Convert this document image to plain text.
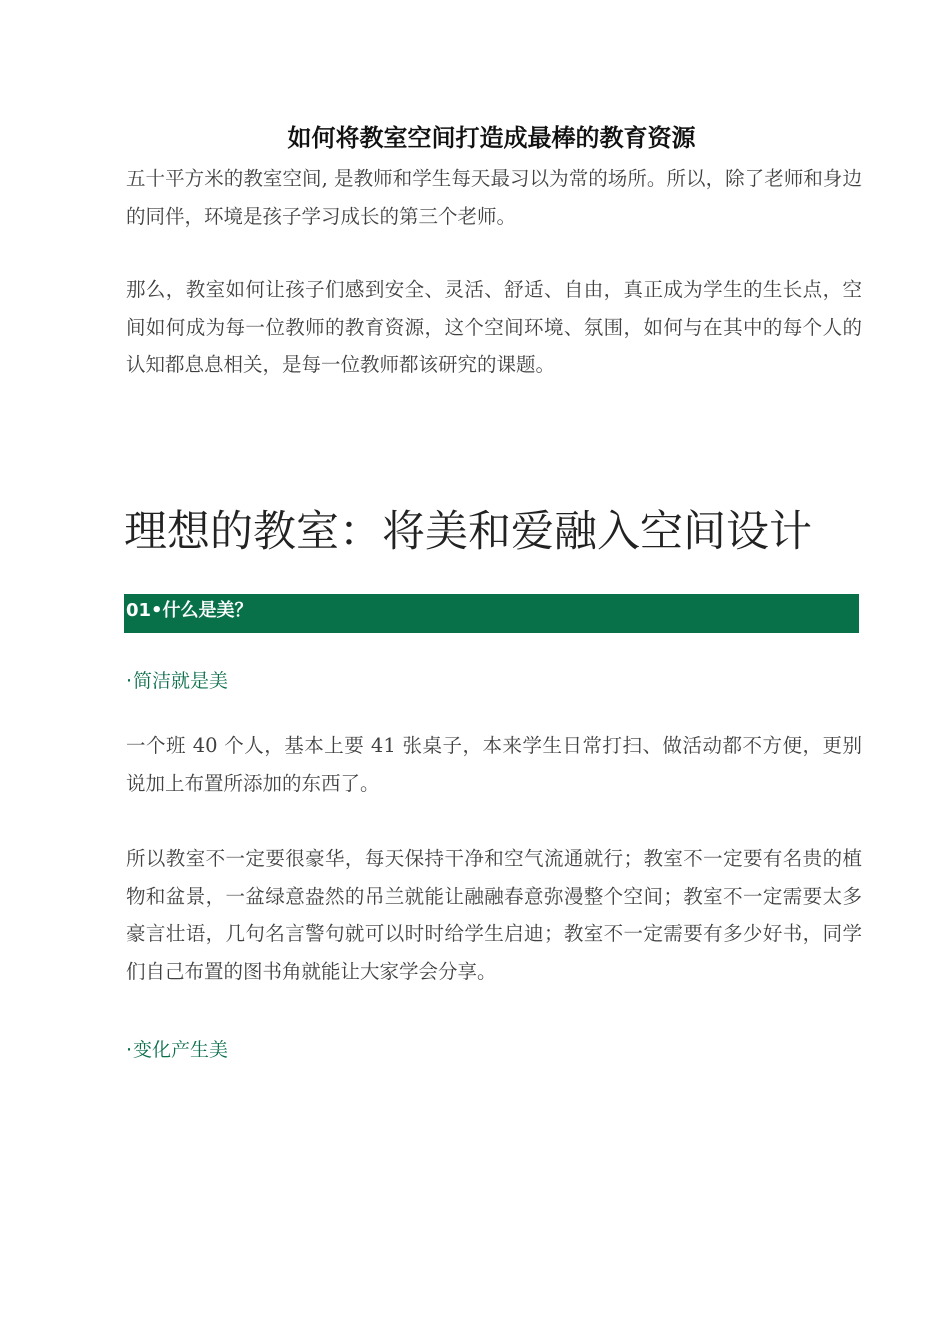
如何将教室空间打造成最棒的教育资源

五十平方米的教室空间, 是教师和学生每天最习以为常的场所。所以，除了老师和身边的同伴，环境是孩子学习成长的第三个老师。

那么，教室如何让孩子们感到安全、灵活、舒适、自由，真正成为学生的生长点，空间如何成为每一位教师的教育资源，这个空间环境、氛围，如何与在其中的每个人的认知都息息相关，是每一位教师都该研究的课题。

理想的教室：将美和爱融入空间设计
01•什么是美？
·简洁就是美

一个班 40 个人，基本上要 41 张桌子，本来学生日常打扫、做活动都不方便，更别说加上布置所添加的东西了。

所以教室不一定要很豪华，每天保持干净和空气流通就行；教室不一定要有名贵的植物和盆景，一盆绿意盎然的吊兰就能让融融春意弥漫整个空间；教室不一定需要太多豪言壮语，几句名言警句就可以时时给学生启迪；教室不一定需要有多少好书，同学们自己布置的图书角就能让大家学会分享。

·变化产生美
